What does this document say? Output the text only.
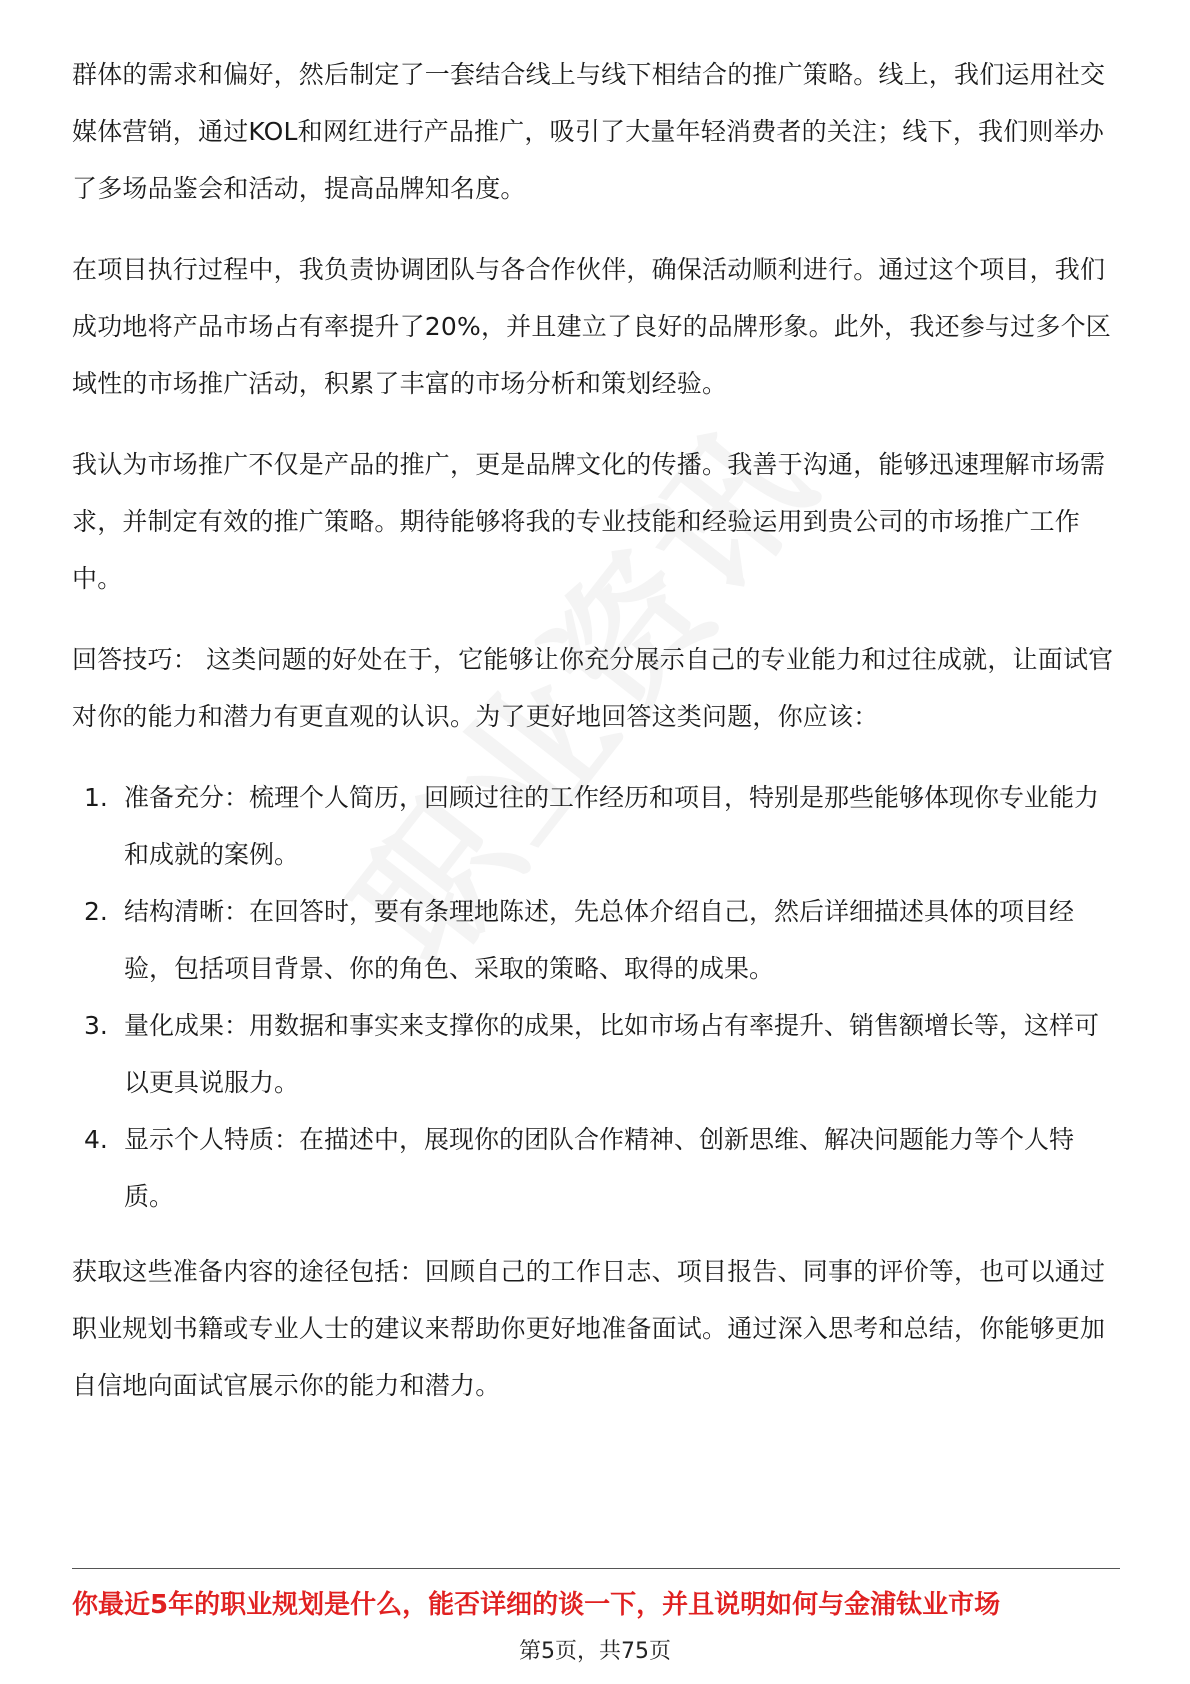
群体的需求和偏好，然后制定了一套结合线上与线下相结合的推广策略。线上，我们运用社交媒体营销，通过KOL和网红进行产品推广，吸引了大量年轻消费者的关注；线下，我们则举办了多场品鉴会和活动，提高品牌知名度。

在项目执行过程中，我负责协调团队与各合作伙伴，确保活动顺利进行。通过这个项目，我们成功地将产品市场占有率提升了20%，并且建立了良好的品牌形象。此外，我还参与过多个区域性的市场推广活动，积累了丰富的市场分析和策划经验。

我认为市场推广不仅是产品的推广，更是品牌文化的传播。我善于沟通，能够迅速理解市场需求，并制定有效的推广策略。期待能够将我的专业技能和经验运用到贵公司的市场推广工作中。

回答技巧： 这类问题的好处在于，它能够让你充分展示自己的专业能力和过往成就，让面试官对你的能力和潜力有更直观的认识。为了更好地回答这类问题，你应该：

1. 准备充分：梳理个人简历，回顾过往的工作经历和项目，特别是那些能够体现你专业能力和成就的案例。
2. 结构清晰：在回答时，要有条理地陈述，先总体介绍自己，然后详细描述具体的项目经验，包括项目背景、你的角色、采取的策略、取得的成果。
3. 量化成果：用数据和事实来支撑你的成果，比如市场占有率提升、销售额增长等，这样可以更具说服力。
4. 显示个人特质：在描述中，展现你的团队合作精神、创新思维、解决问题能力等个人特质。

获取这些准备内容的途径包括：回顾自己的工作日志、项目报告、同事的评价等，也可以通过职业规划书籍或专业人士的建议来帮助你更好地准备面试。通过深入思考和总结，你能够更加自信地向面试官展示你的能力和潜力。

你最近5年的职业规划是什么，能否详细的谈一下，并且说明如何与金浦钛业市场
第5页，共75页
